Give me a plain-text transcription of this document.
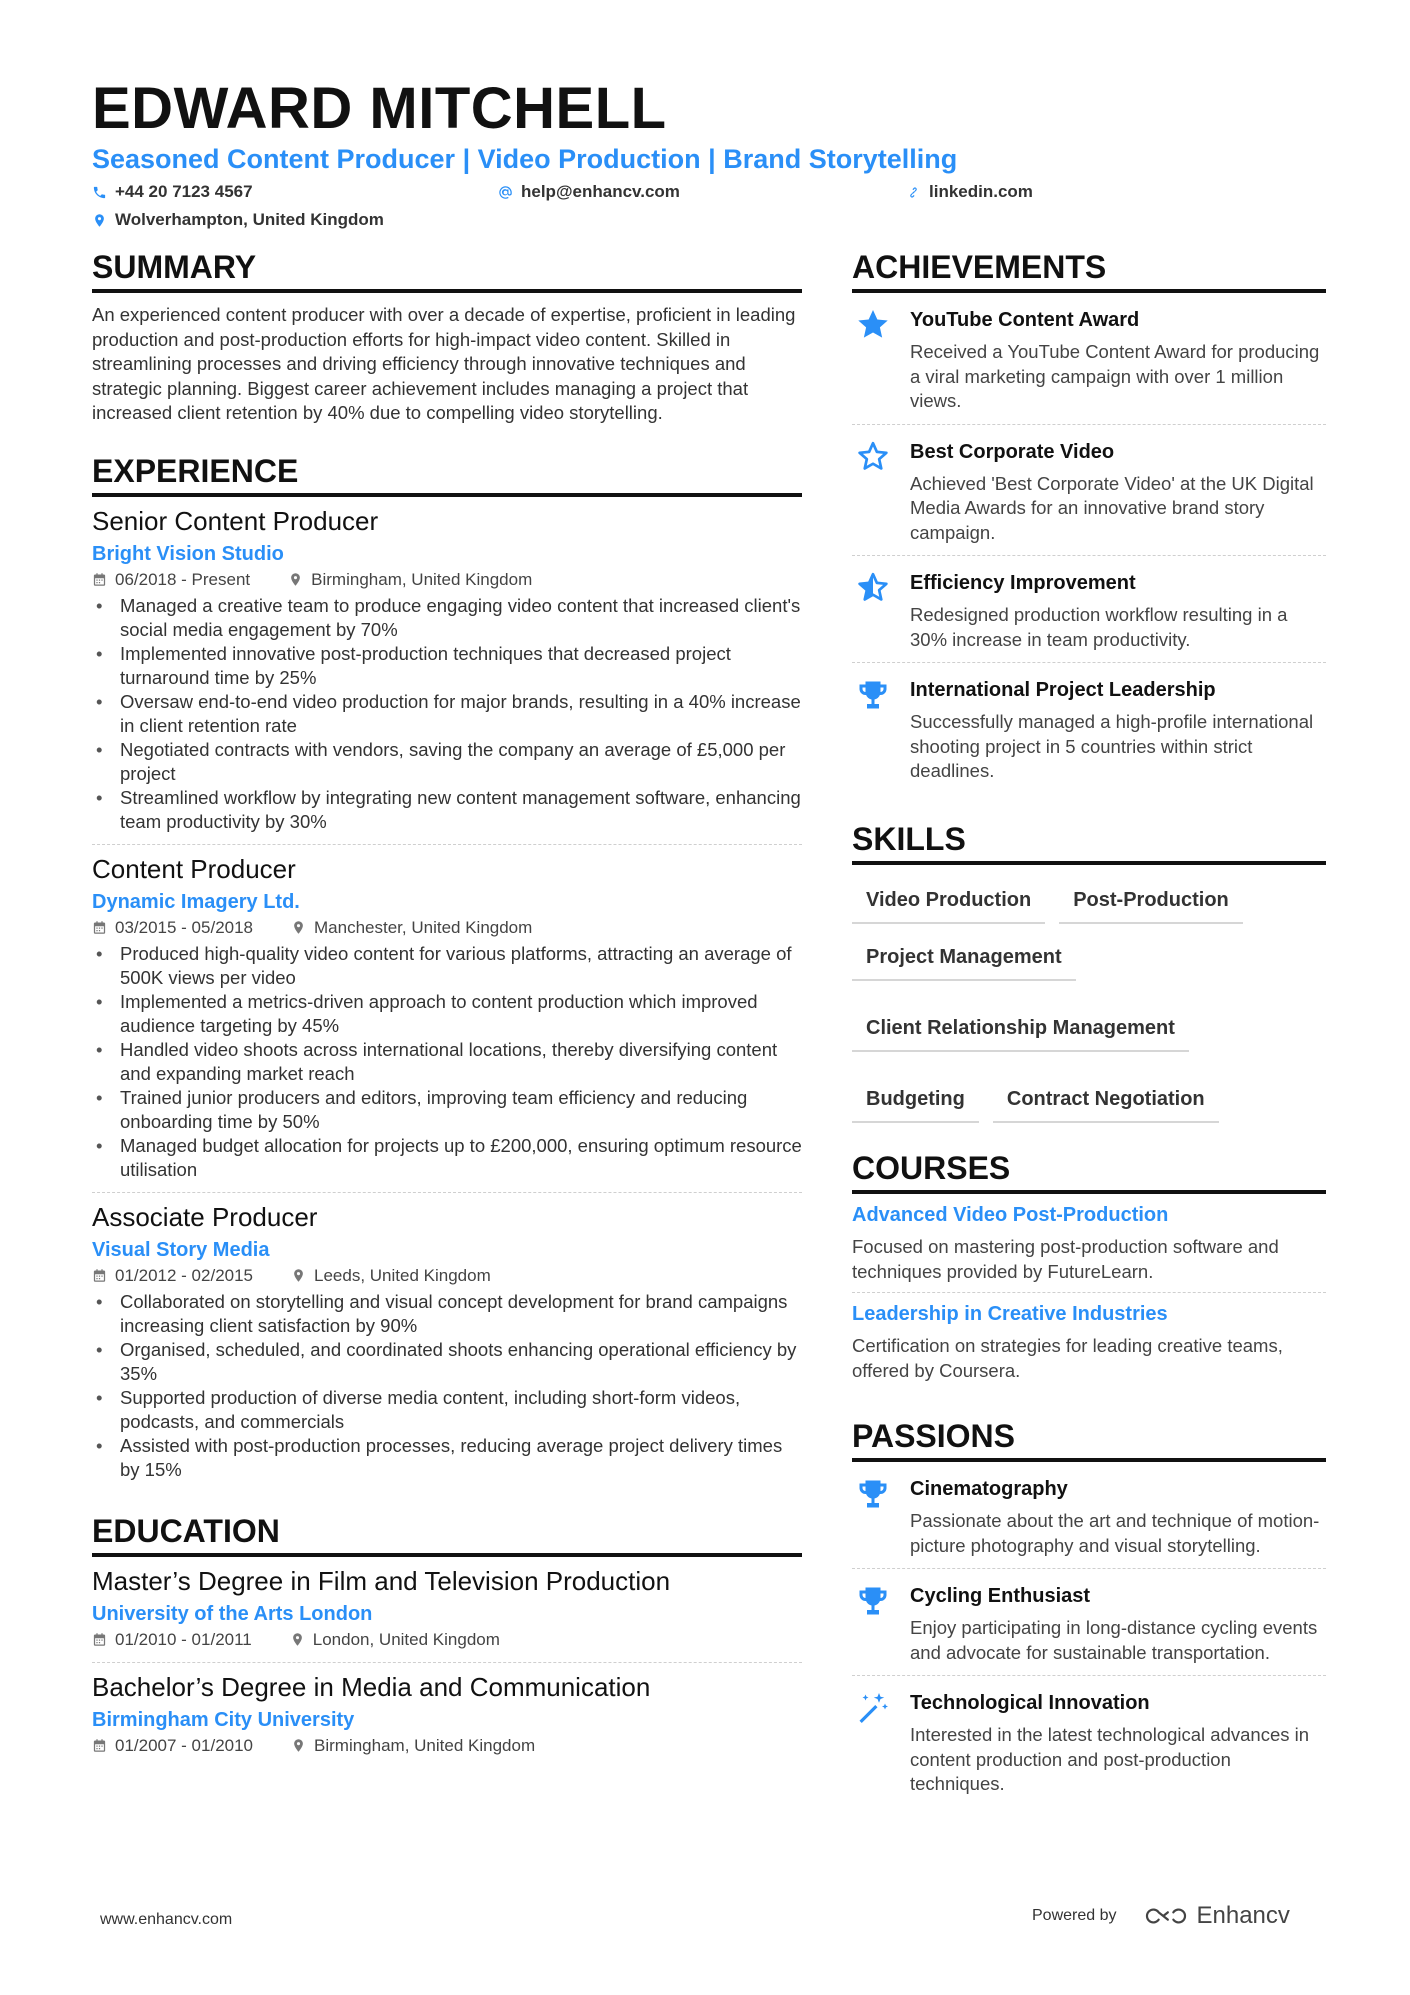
EDWARD MITCHELL
Seasoned Content Producer | Video Production | Brand Storytelling
+44 20 7123 4567	help@enhancv.com	linkedin.com
Wolverhampton, United Kingdom
SUMMARY

An experienced content producer with over a decade of expertise, proficient in leading production and post-production efforts for high-impact video content. Skilled in streamlining processes and driving efficiency through innovative techniques and strategic planning. Biggest career achievement includes managing a project that increased client retention by 40% due to compelling video storytelling.

EXPERIENCE
Senior Content Producer
Bright Vision Studio
06/2018 - Present	Birmingham, United Kingdom
• Managed a creative team to produce engaging video content that increased client's social media engagement by 70%
• Implemented innovative post-production techniques that decreased project turnaround time by 25%
• Oversaw end-to-end video production for major brands, resulting in a 40% increase in client retention rate
• Negotiated contracts with vendors, saving the company an average of £5,000 per project
• Streamlined workflow by integrating new content management software, enhancing team productivity by 30%
Content Producer
Dynamic Imagery Ltd.
03/2015 - 05/2018	Manchester, United Kingdom
• Produced high-quality video content for various platforms, attracting an average of 500K views per video
• Implemented a metrics-driven approach to content production which improved audience targeting by 45%
• Handled video shoots across international locations, thereby diversifying content and expanding market reach
• Trained junior producers and editors, improving team efficiency and reducing onboarding time by 50%
• Managed budget allocation for projects up to £200,000, ensuring optimum resource utilisation
Associate Producer
Visual Story Media
01/2012 - 02/2015	Leeds, United Kingdom
• Collaborated on storytelling and visual concept development for brand campaigns increasing client satisfaction by 90%
• Organised, scheduled, and coordinated shoots enhancing operational efficiency by 35%
• Supported production of diverse media content, including short-form videos, podcasts, and commercials
• Assisted with post-production processes, reducing average project delivery times by 15%
EDUCATION
Master’s Degree in Film and Television Production
University of the Arts London
01/2010 - 01/2011	London, United Kingdom
Bachelor’s Degree in Media and Communication
Birmingham City University
01/2007 - 01/2010	Birmingham, United Kingdom
ACHIEVEMENTS
YouTube Content Award

Received a YouTube Content Award for producing a viral marketing campaign with over 1 million views.

Best Corporate Video

Achieved 'Best Corporate Video' at the UK Digital Media Awards for an innovative brand story campaign.

Efficiency Improvement

Redesigned production workflow resulting in a 30% increase in team productivity.

International Project Leadership

Successfully managed a high-profile international shooting project in 5 countries within strict deadlines.

SKILLS
Video Production	Post-Production
Project Management
Client Relationship Management
Budgeting	Contract Negotiation
COURSES
Advanced Video Post-Production

Focused on mastering post-production software and techniques provided by FutureLearn.

Leadership in Creative Industries

Certification on strategies for leading creative teams, offered by Coursera.

PASSIONS
Cinematography

Passionate about the art and technique of motion-picture photography and visual storytelling.

Cycling Enthusiast

Enjoy participating in long-distance cycling events and advocate for sustainable transportation.

Technological Innovation

Interested in the latest technological advances in content production and post-production techniques.

www.enhancv.com	Powered by	Enhancv
